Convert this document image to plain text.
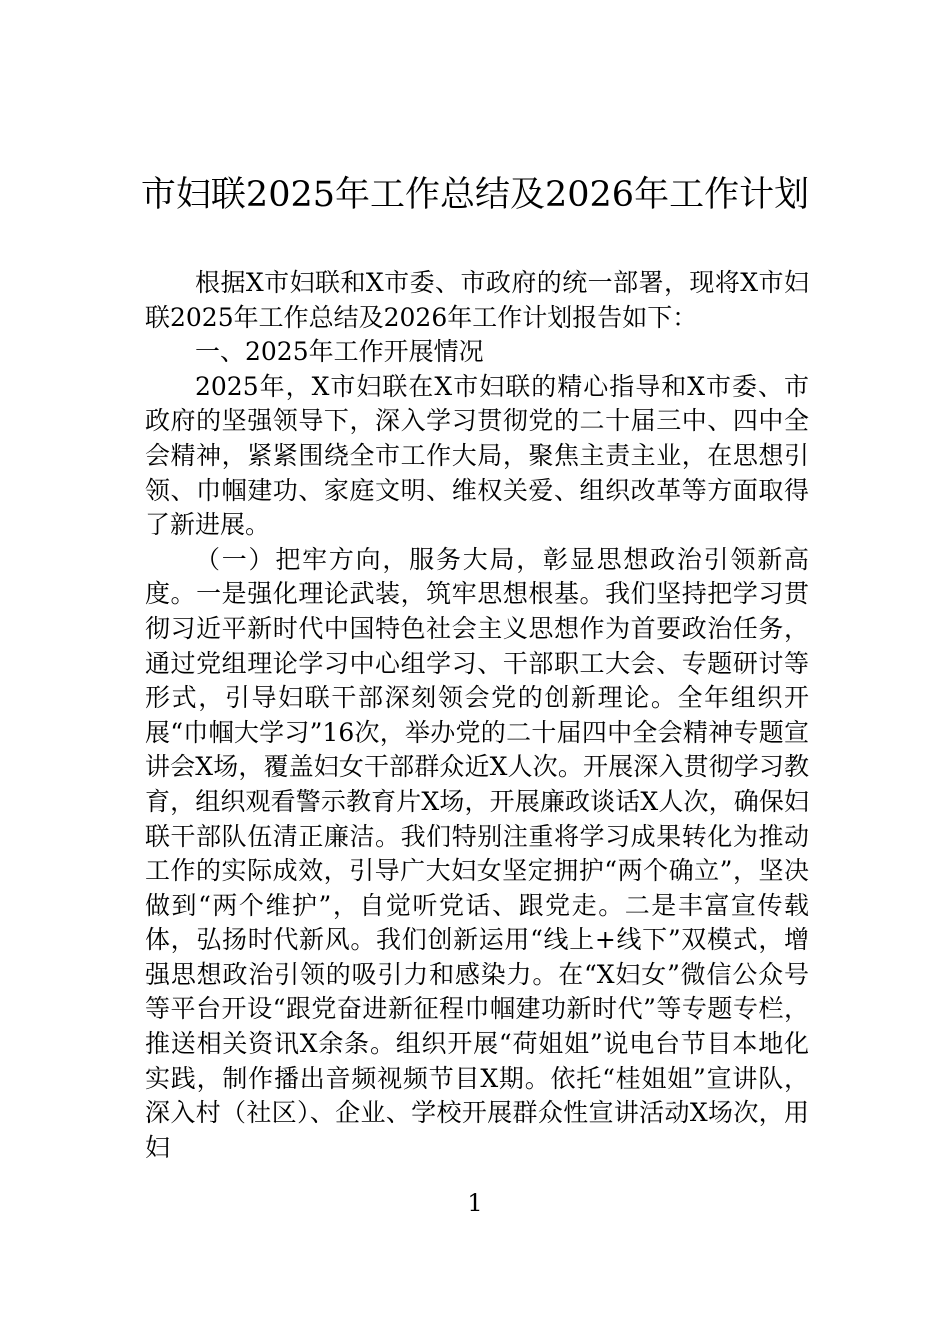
市妇联2025年工作总结及2026年工作计划

根据X市妇联和X市委、市政府的统一部署，现将X市妇联2025年工作总结及2026年工作计划报告如下：

一、2025年工作开展情况

2025年，X市妇联在X市妇联的精心指导和X市委、市政府的坚强领导下，深入学习贯彻党的二十届三中、四中全会精神，紧紧围绕全市工作大局，聚焦主责主业，在思想引领、巾帼建功、家庭文明、维权关爱、组织改革等方面取得了新进展。

（一）把牢方向，服务大局，彰显思想政治引领新高度。一是强化理论武装，筑牢思想根基。我们坚持把学习贯彻习近平新时代中国特色社会主义思想作为首要政治任务，通过党组理论学习中心组学习、干部职工大会、专题研讨等形式，引导妇联干部深刻领会党的创新理论。全年组织开展“巾帼大学习”16次，举办党的二十届四中全会精神专题宣讲会X场，覆盖妇女干部群众近X人次。开展深入贯彻学习教育，组织观看警示教育片X场，开展廉政谈话X人次，确保妇联干部队伍清正廉洁。我们特别注重将学习成果转化为推动工作的实际成效，引导广大妇女坚定拥护“两个确立”，坚决做到“两个维护”，自觉听党话、跟党走。二是丰富宣传载体，弘扬时代新风。我们创新运用“线上+线下”双模式，增强思想政治引领的吸引力和感染力。在“X妇女”微信公众号等平台开设“跟党奋进新征程巾帼建功新时代”等专题专栏，推送相关资讯X余条。组织开展“荷姐姐”说电台节目本地化实践，制作播出音频视频节目X期。依托“桂姐姐”宣讲队，深入村（社区）、企业、学校开展群众性宣讲活动X场次，用妇

1
